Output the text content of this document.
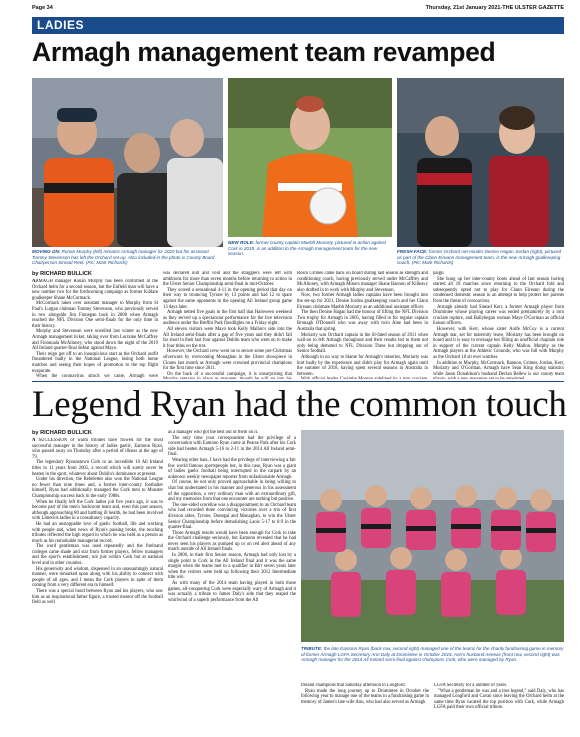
Page 34	Thursday, 21st January 2021-THE ULSTER GAZETTE
LADIES
Armagh management team revamped
MOVING ON: Ronan Murphy (left) remains Armagh manager for 2020 but his assistant Tommy Stevenson has left the Orchard set-up. Also included in the photo is County Board Chairperson Sinead Reel. (Pic: Mark Richards)
NEW ROLE: former county captain Maebh Moriarty, pictured in action against Cork in 2018, is an addition to the Armagh management team for the new season.	FRESH FACE: former Orchard net-minder Denise Hagan Jordan (right), pictured as part of the Clann Eireann management team, is the new Armagh goalkeeping coach. (Pic: Mark Richards)
by RICHARD BULLICK

ARMAGH manager Ronan Murphy has been confirmed at the Orchard helm for a second season, but the Enfield man will have a new number two for the forthcoming campaign as former Kildare goalkeeper Shane McCormack.

McCormack takes over assistant manager to Murphy from St Paul's Lurgan clubman Tommy Stevenson, who previously served in tow alongside Jim Finnegan back in 2008 when Armagh reached the NFL Division One semi-finals for the only time in their history.

Murphy and Stevenson were unveiled last winter as the new Armagh management ticket, taking over from Lorraine McCaffrey and Fionnuala McAlinney, who stood down the night of the 2019 All Ireland quarter-final defeat against Mayo.

Their reign got off to an inauspicious start as the Orchard outfit floundered badly in the National League, losing both home matches and seeing their hopes of promotion to the top flight evaporate.

When the coronavirus struck we came, Armagh were

was declared null and void and the stragglers were left with ambitions for more than seven months before returning to action in the Ulster Senior Championship semi-final in mid-October.

They scored a sensational 4-11 in the opening period that day on their way to trouncing Tyrone by 13 points and had 12 to spare against the same opponents in the opening All Ireland group game 13 days later.

Armagh netted five goals in the first half that Haloween weekend as they served up a spectacular performance for the live television audience under the Breffni Park floodlights on a Friday night.

All eleven visitors were Mayo took Kelly Mallon's side into the All Ireland semi-finals after a gap of five years and they didn't fall far short in their last four against Dublin team who went on to make it four titles on the trot.

However, the Orchard crew went on to secure some pre-Christmas silverware by overcoming Monaghan in the Ulster showpiece in Clones last month as Armagh were crowned provincial champions for the first time since 2011.

On the back of a successful campaign, it is unsurprising that

Rosin Grimes came back on board during last season as strength and conditioning coach, having previously served under McCaffrey and McAlinney, with Armagh Minors manager Shane Bannon of Killeavy also drafted in to work with Murphy and Stevenson.

Now, two former Armagh ladies captains have been brought into the set-up for 2021, Denise Jordan goalkeeping coach and her Clann Eireann clubmate Maebh Moriarty as an additional assistant officer.

The then Denise Hagan had the honour of lifting the NFL Division Two trophy for Armagh in 2005, having filled in for regular captain Bronagh O'Donnell who was away with twin Aine had been in Australia that spring.

Moriarty was Orchard captain in the ill-fated season of 2011 when wall-on to left Armagh throughout and their results led to them not only being demoted to NFL Division Three but dropping out of Senior football.

Although in no way to blame for Armagh's miseries, Moriarty was hurt badly by the experience and didn't play for Armagh again until the summer of 2018, having spent several seasons in Australia in between.

paign.

She hung up her inter-county boots ahead of last season having started all 18 matches since returning to the Orchard fold and subsequently opted not to play for Clann Eireann during the condensed domestic season in an attempt to help protect her parents from the threat of coronavirus.

Armagh already had Sinead Kerr, a former Armagh player from Drumintee whose playing career was ended prematurely by a torn cruciate rupture, and Ballyhegan woman Maye O'Gorman as official liaison officers.

However, with Kerr, whose sister Aoife McCoy is a current Armagh star, set for maternity leave, Moriarty has been brought on board and it is easy to envisage her filling an unofficial chaplain role in support of the current captain Kelly Mallon. Murphy as the Armagh players at the Athletic Grounds, who was full with Murphy as the Orchard 10 sit ever watches.

In addition to Murphy, McCormack, Bannon, Grimes, Jordan, Kerr, Moriarty and O'Gorman, Armagh have Sean King doing statistics while Jason Donaldson's husband Declan Bellew is our county team

Legend Ryan had the common touch
by RICHARD BULLICK

A SUCCESSION of warm tributes have flowed for the most successful manager in the history of ladies gaelic, Eamonn Ryan, who passed away on Thursday after a period of illness at the age of 79.

The legendary Rynanstown Cork to an incredible 10 All Ireland titles in 11 years from 2005, a record which will surely never be beaten in the sport, whatever about Dublin's dominance at present.

Under his direction, the Rebelettes also won the National League no fewer than nine times and, a former inter-county footballer himself, Ryan had additionally managed the Cork men to Munster Championship success back in the early 1980s.

When he finally left the Cork ladies job five years ago, it was to become part of the men's backroom team and, even this past season, although approaching 80 and battling ill health, he had been involved with Limerick ladies in a consultancy capacity.

He had an unstoppable love of gaelic football, life and working with people and, when news of Ryan's passing broke, the touching tributes reflected the high regard in which he was held as a person as much as his remarkable managerial record.

The word gentleman was used repeatedly and the firebrand colleges came shade and star from former players, fellow managers and the sport's establishment, not just within Cork but at national level and in other counties.

His generosity and wisdom, dispensed in an unassumingly natural manner, were remarked upon along with his ability to connect with people of all ages, and I mean the Cork players in spite of them coming from a very different era to himself.

There was a special bond between Ryan and his players, who saw him as an inspirational father figure, a trusted mentor off the football field as well

as a manager who got the best out of them on it.

The only time your correspondent had the privilege of a conversation with Eamonn Ryan came at Pearse Park after his Cork side had beaten Armagh 5-16 to 2-11 in the 2014 All Ireland semi-final.

Wearing other hats, I have had the privilege of interviewing a fair few world famous sportspeople but, in this case, Ryan was a giant of ladies gaelic football being interrupted in the carpark by an unknown weekly newspaper reporter from unfashionable Armagh.

Of course, he not only proved approachable in being willing to chat but understated in his manner and generous in his assessment of the opposition, a very ordinary man with an extraordinary gift, and my memories from that one encounter are nothing but positive.

The one-sided scoreline was a disappointment to an Orchard team who had recorded three convincing victories over a trio of first division sides, Tyrone, Donegal and Monaghan, to win the Ulster Senior Championship before demolishing Laois 5-17 to 0-9 in the quarter-final.

Those Armagh results would have been enough for Cork to take the Orchard challenge seriously, but Eamonn revealed that he had never seen his players as pumped up or on red alert ahead of any match outside of All Ireland finals.

In 2006, in their first Senior season, Armagh had only lost by a single point to Cork in the All Ireland final and it was the same margin when the teams met in a qualifier in Birr seven years later when the visitors were held up following their 2012 Intermediate title win.

As with many of the 2014 team having played in both those games, all-conquering Cork were especially wary of Armagh and it was actually a tribute to James Daly's side that they reaped the whirlwind of a superb performance from the All

TRIBUTE: the late Eamonn Ryan (back row, second right) managed one of the teams for the charity fundraising game in memory of former Armagh LGFA Secretary Ann Daly at Dromintee in October 2015. Ann's husband Aeneas (front row, second right) was Armagh manager for the 2014 All Ireland semi-final against champions Cork, who were managed by Ryan.

Ireland champions that Saturday afternoon in Longford.

Ryan made the long journey up to Dromintee in October the following year to manage one of the teams in a fundraising game in memory of James's late wife Ann, who had also served as Armagh

LGFA Secretary for a number of years.

"What a gentleman he was and a true legend," said Daly, who has managed Longford and Cavan since leaving the Orchard helm at the same time Ryan vacated the top position with Cork, while Armagh LGFA paid their own official tribute.
